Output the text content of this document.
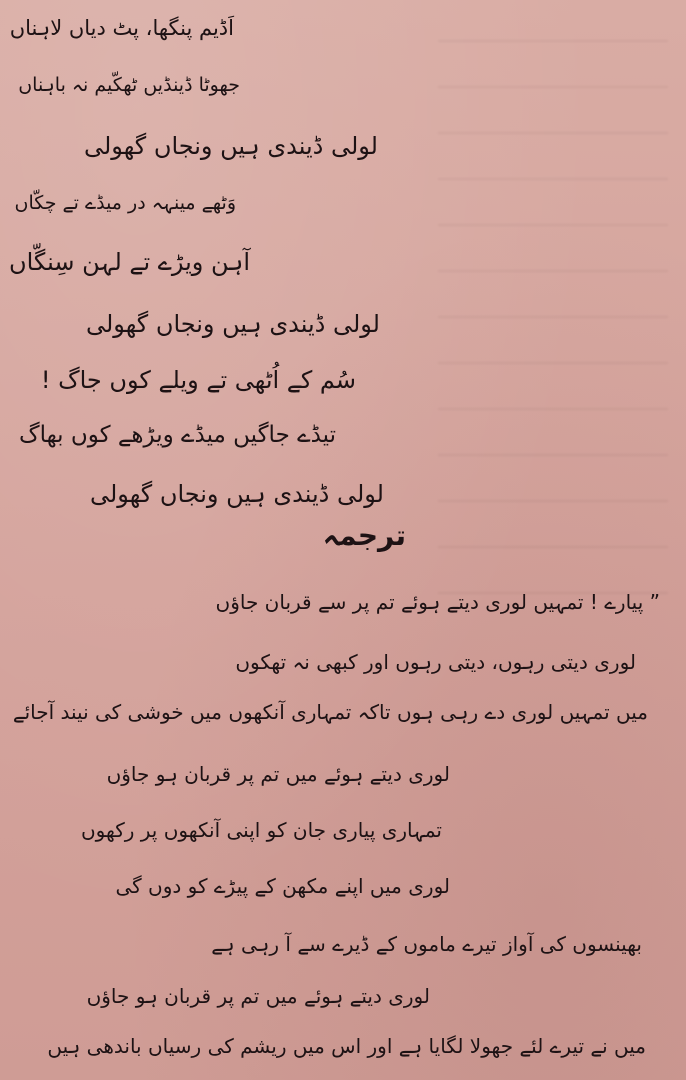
اَڈیم پنگھا، پٹ دیاں لاہناں
جھوٹا ڈینڈیں ٹھکّیم نہ باہناں
لولی ڈیندی ہیں ونجاں گھولی
وَٹھے مینہہ در میڈے تے چکّاں
آہن ویڑے تے لہن سِنگّاں
لولی ڈیندی ہیں ونجاں گھولی
سُم کے اُٹھی تے ویلے کوں جاگ !
تیڈے جاگیں میڈے ویڑھے کوں بھاگ
لولی ڈیندی ہیں ونجاں گھولی
ترجمہ
” پیارے ! تمہیں لوری دیتے ہوئے تم پر سے قربان جاؤں
لوری دیتی رہوں، دیتی رہوں اور کبھی نہ تھکوں
میں تمہیں لوری دے رہی ہوں تاکہ تمہاری آنکھوں میں خوشی کی نیند آجائے
لوری دیتے ہوئے میں تم پر قربان ہو جاؤں
تمہاری پیاری جان کو اپنی آنکھوں پر رکھوں
لوری میں اپنے مکھن کے پیڑے کو دوں گی
بھینسوں کی آواز تیرے ماموں کے ڈیرے سے آ رہی ہے
لوری دیتے ہوئے میں تم پر قربان ہو جاؤں
میں نے تیرے لئے جھولا لگایا ہے اور اس میں ریشم کی رسیاں باندھی ہیں
